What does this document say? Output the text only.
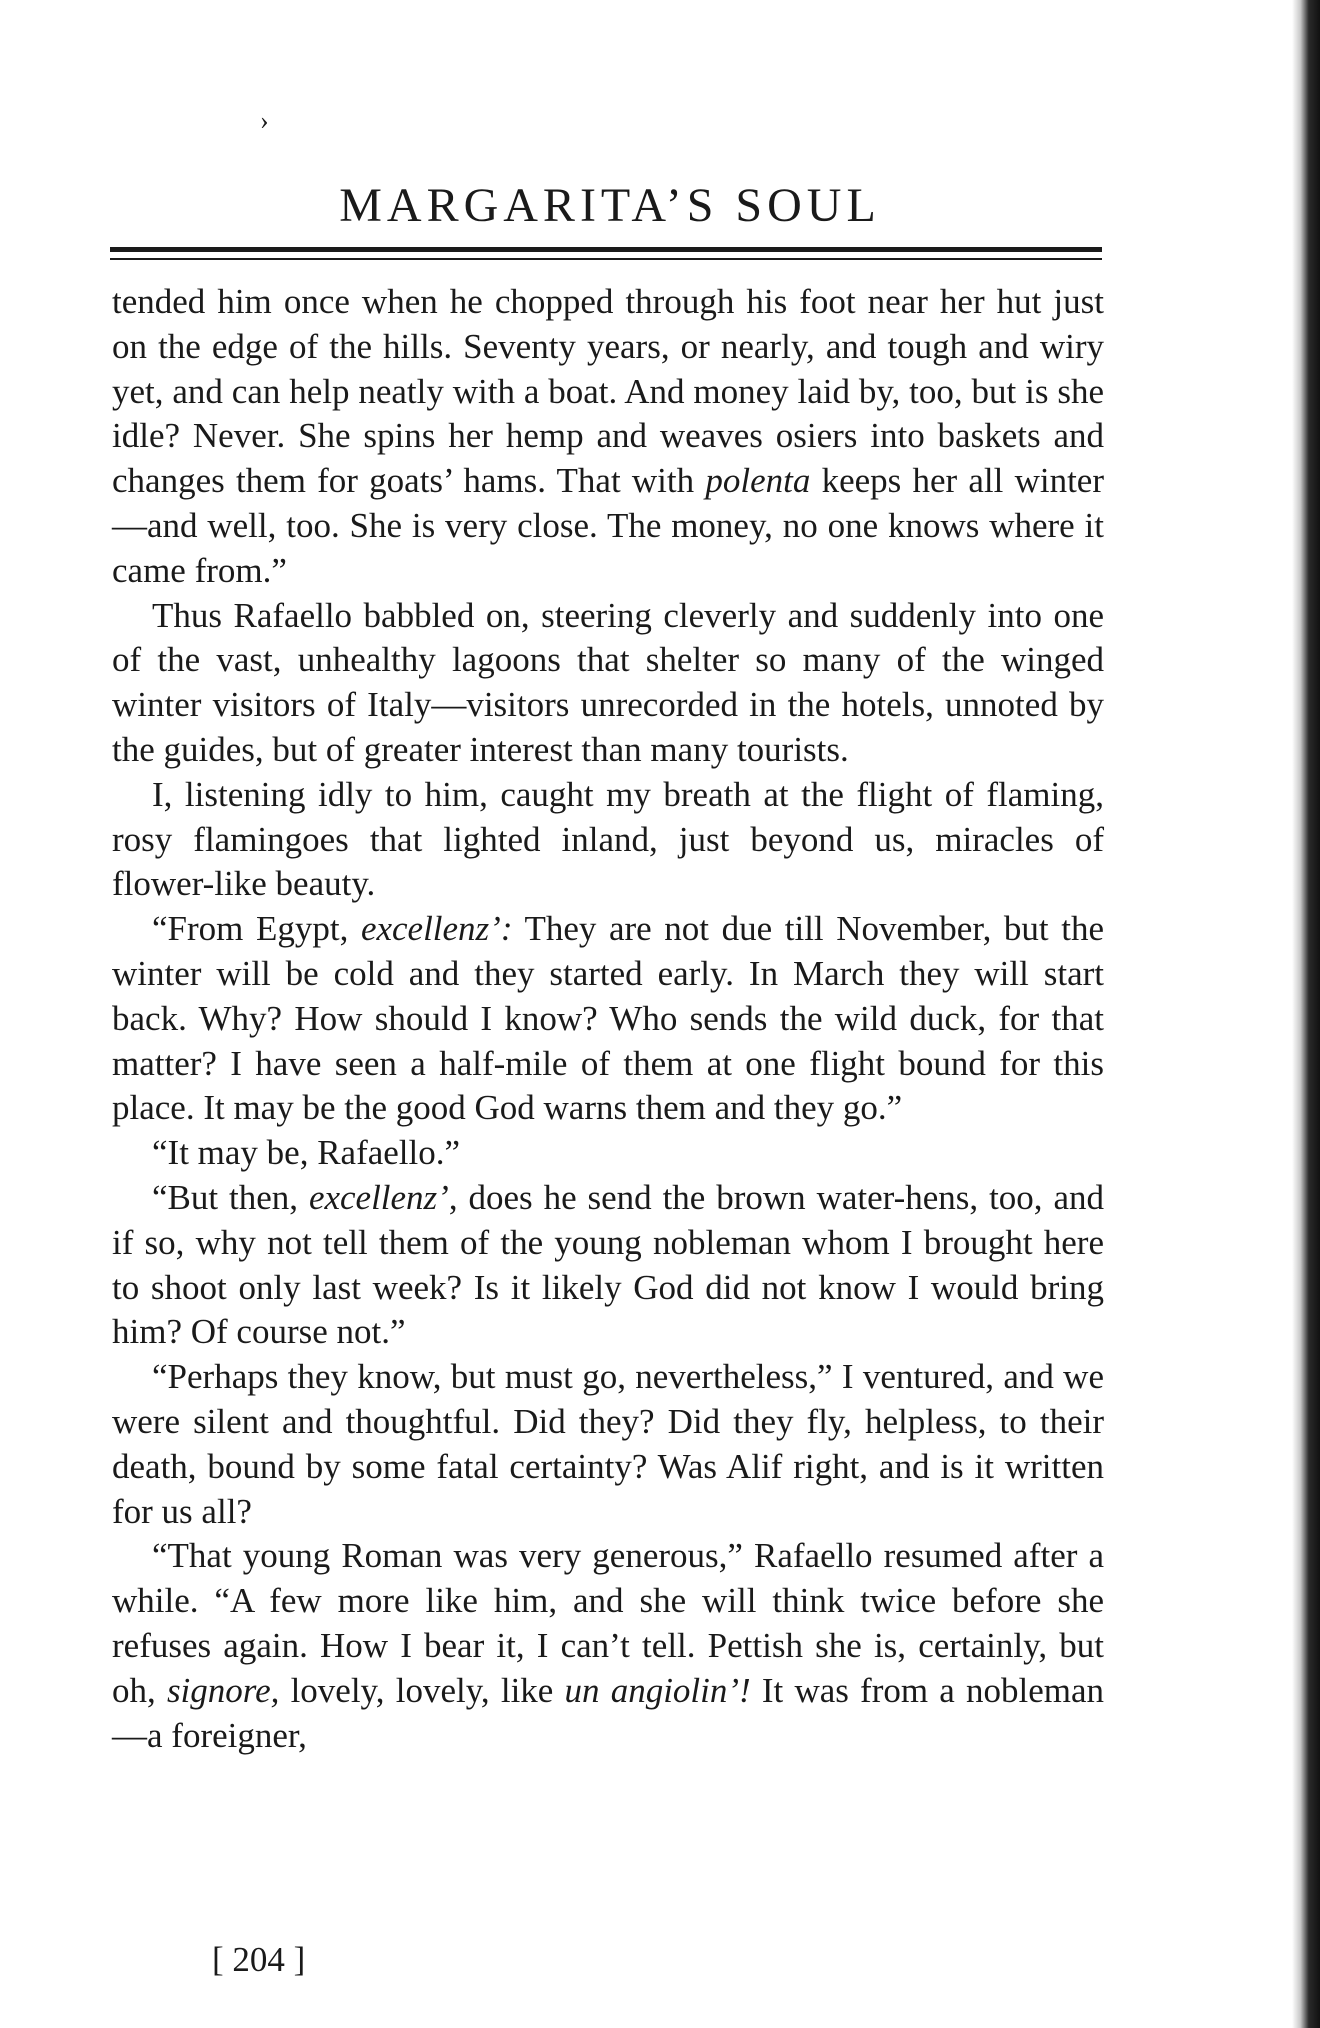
›
MARGARITA’S SOUL

tended him once when he chopped through his foot near her hut just on the edge of the hills. Seventy years, or nearly, and tough and wiry yet, and can help neatly with a boat. And money laid by, too, but is she idle? Never. She spins her hemp and weaves osiers into baskets and changes them for goats’ hams. That with polenta keeps her all winter—and well, too. She is very close. The money, no one knows where it came from.”

Thus Rafaello babbled on, steering cleverly and suddenly into one of the vast, unhealthy lagoons that shelter so many of the winged winter visitors of Italy—visitors unrecorded in the hotels, unnoted by the guides, but of greater interest than many tourists.

I, listening idly to him, caught my breath at the flight of flaming, rosy flamingoes that lighted inland, just beyond us, miracles of flower-like beauty.

“From Egypt, excellenz’: They are not due till November, but the winter will be cold and they started early. In March they will start back. Why? How should I know? Who sends the wild duck, for that matter? I have seen a half-mile of them at one flight bound for this place. It may be the good God warns them and they go.”

“It may be, Rafaello.”

“But then, excellenz’, does he send the brown water-hens, too, and if so, why not tell them of the young nobleman whom I brought here to shoot only last week? Is it likely God did not know I would bring him? Of course not.”

“Perhaps they know, but must go, nevertheless,” I ventured, and we were silent and thoughtful. Did they? Did they fly, helpless, to their death, bound by some fatal certainty? Was Alif right, and is it written for us all?

“That young Roman was very generous,” Rafaello resumed after a while. “A few more like him, and she will think twice before she refuses again. How I bear it, I can’t tell. Pettish she is, certainly, but oh, signore, lovely, lovely, like un angiolin’! It was from a nobleman—a foreigner,

[ 204 ]
